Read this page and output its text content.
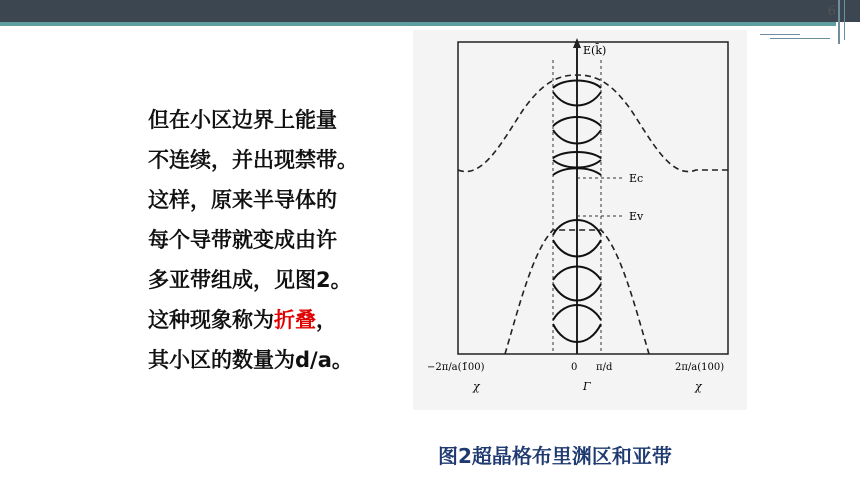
6

但在小区边界上能量

不连续，并出现禁带。

这样，原来半导体的

每个导带就变成由许

多亚带组成，见图2。

这种现象称为折叠，

其小区的数量为d/a。

Ec
Ev
E(k̄)
−2π/a(1̄00)	0 π/d	2π/a(100)
χ	Γ	χ
图2超晶格布里渊区和亚带
